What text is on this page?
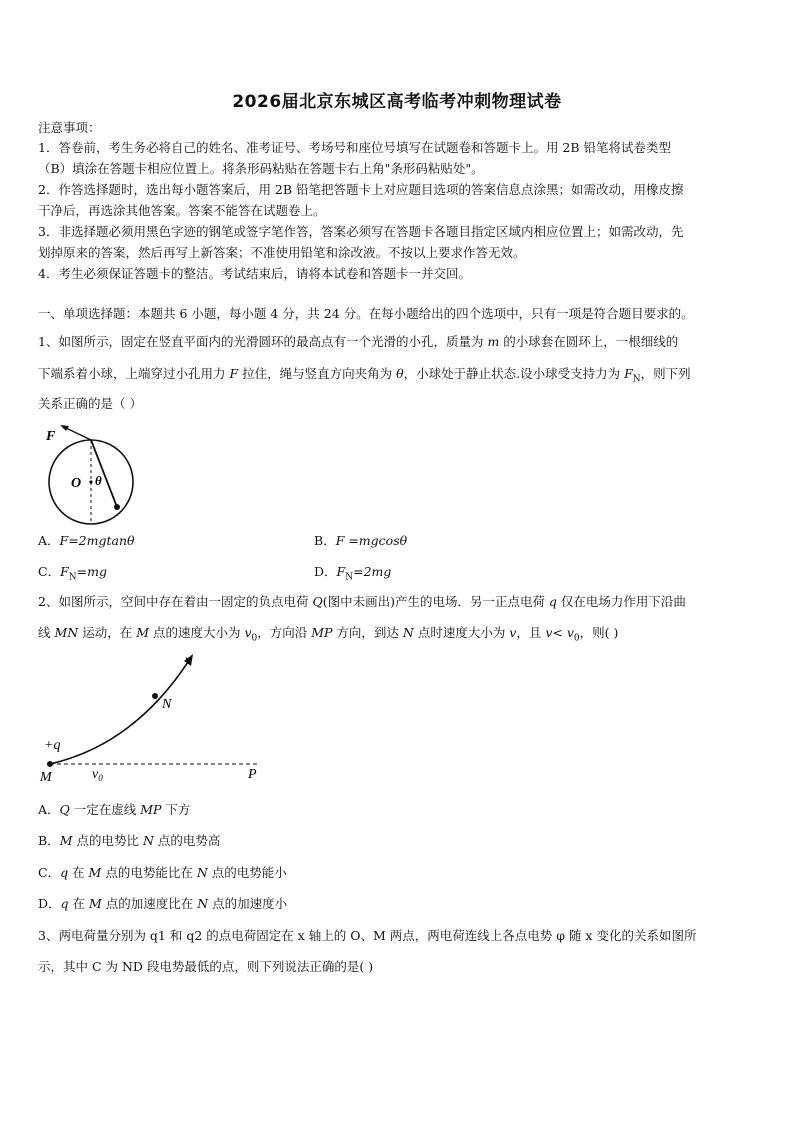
2026届北京东城区高考临考冲刺物理试卷
注意事项：
1．答卷前，考生务必将自己的姓名、准考证号、考场号和座位号填写在试题卷和答题卡上。用 2B 铅笔将试卷类型
（B）填涂在答题卡相应位置上。将条形码粘贴在答题卡右上角"条形码粘贴处"。
2．作答选择题时，选出每小题答案后，用 2B 铅笔把答题卡上对应题目选项的答案信息点涂黑；如需改动，用橡皮擦
干净后，再选涂其他答案。答案不能答在试题卷上。
3．非选择题必须用黑色字迹的钢笔或签字笔作答，答案必须写在答题卡各题目指定区域内相应位置上；如需改动，先
划掉原来的答案，然后再写上新答案；不准使用铅笔和涂改液。不按以上要求作答无效。
4．考生必须保证答题卡的整洁。考试结束后，请将本试卷和答题卡一并交回。
一、单项选择题：本题共 6 小题，每小题 4 分，共 24 分。在每小题给出的四个选项中，只有一项是符合题目要求的。
1、如图所示，固定在竖直平面内的光滑圆环的最高点有一个光滑的小孔，质量为 m 的小球套在圆环上，一根细线的
下端系着小球，上端穿过小孔用力 F 拉住，绳与竖直方向夹角为 θ，小球处于静止状态.设小球受支持力为 $F_N$，则下列
关系正确的是（ ）
F
O θ
A．F=2mgtanθ	B．F =mgcosθ
C．$F_N=mg$	D．$F_N=2mg$
2、如图所示，空间中存在着由一固定的负点电荷 Q(图中未画出)产生的电场．另一正点电荷 q 仅在电场力作用下沿曲
线 MN 运动，在 M 点的速度大小为 $v_0$，方向沿 MP 方向，到达 N 点时速度大小为 v，且 $v< v_0$，则( )
v
N
+q
M	$v_0$	P
A．Q 一定在虚线 MP 下方
B．M 点的电势比 N 点的电势高
C．q 在 M 点的电势能比在 N 点的电势能小
D．q 在 M 点的加速度比在 N 点的加速度小
3、两电荷量分别为 q1 和 q2 的点电荷固定在 x 轴上的 O、M 两点，两电荷连线上各点电势 φ 随 x 变化的关系如图所
示，其中 C 为 ND 段电势最低的点，则下列说法正确的是( )
